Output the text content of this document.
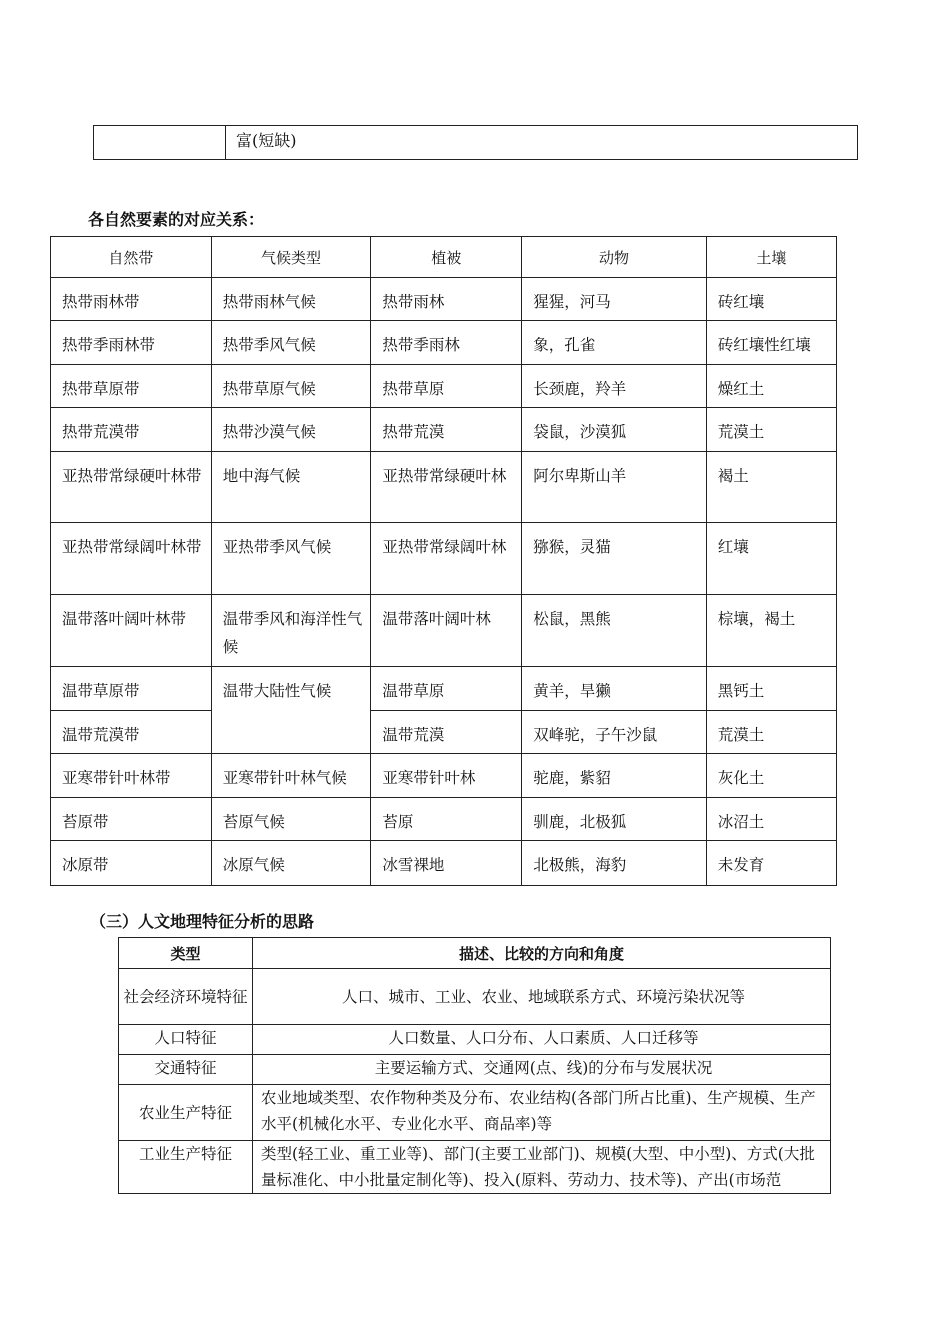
	富(短缺)
各自然要素的对应关系：
自然带	气候类型	植被	动物	土壤
热带雨林带	热带雨林气候	热带雨林	猩猩，河马	砖红壤
热带季雨林带	热带季风气候	热带季雨林	象，孔雀	砖红壤性红壤
热带草原带	热带草原气候	热带草原	长颈鹿，羚羊	燥红土
热带荒漠带	热带沙漠气候	热带荒漠	袋鼠，沙漠狐	荒漠土
亚热带常绿硬叶林带	地中海气候	亚热带常绿硬叶林	阿尔卑斯山羊	褐土
亚热带常绿阔叶林带	亚热带季风气候	亚热带常绿阔叶林	猕猴，灵猫	红壤
温带落叶阔叶林带	温带季风和海洋性气候	温带落叶阔叶林	松鼠，黑熊	棕壤，褐土
温带草原带	温带大陆性气候	温带草原	黄羊，旱獭	黑钙土
温带荒漠带		温带荒漠	双峰驼，子午沙鼠	荒漠土
亚寒带针叶林带	亚寒带针叶林气候	亚寒带针叶林	驼鹿，紫貂	灰化土
苔原带	苔原气候	苔原	驯鹿，北极狐	冰沼土
冰原带	冰原气候	冰雪裸地	北极熊，海豹	未发育
（三）人文地理特征分析的思路
类型	描述、比较的方向和角度
社会经济环境特征	人口、城市、工业、农业、地域联系方式、环境污染状况等
人口特征	人口数量、人口分布、人口素质、人口迁移等
交通特征	主要运输方式、交通网(点、线)的分布与发展状况
农业生产特征	农业地域类型、农作物种类及分布、农业结构(各部门所占比重)、生产规模、生产水平(机械化水平、专业化水平、商品率)等
工业生产特征	类型(轻工业、重工业等)、部门(主要工业部门)、规模(大型、中小型)、方式(大批量标准化、中小批量定制化等)、投入(原料、劳动力、技术等)、产出(市场范
